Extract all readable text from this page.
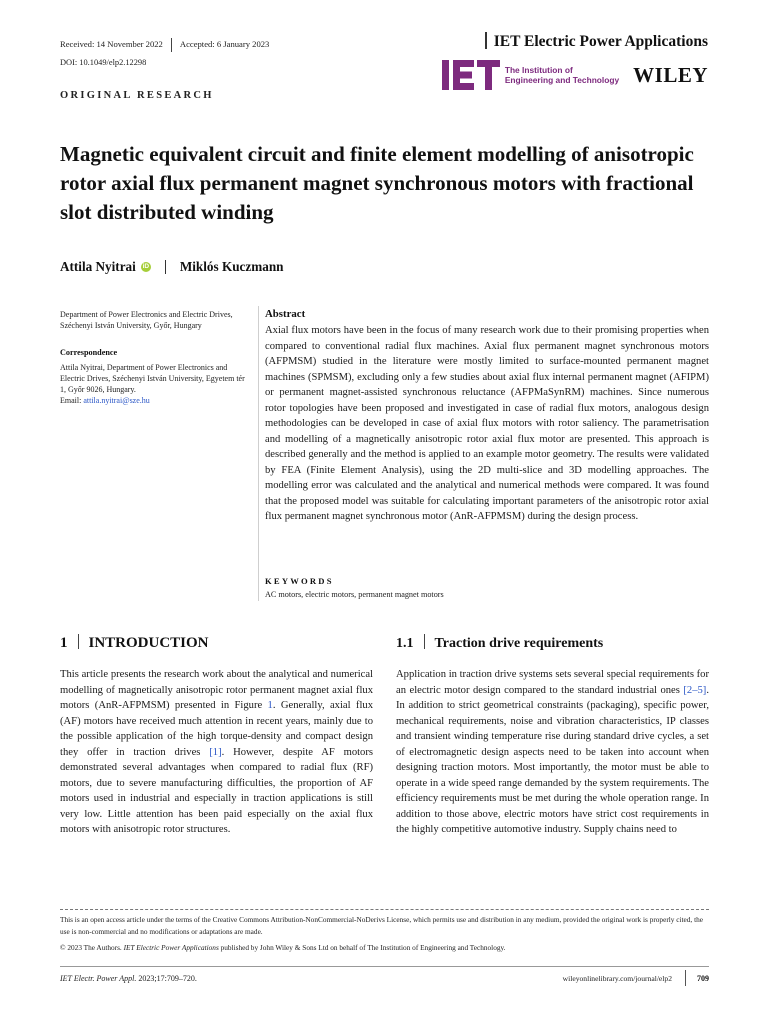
Received: 14 November 2022 Accepted: 6 January 2023
DOI: 10.1049/elp2.12298
IET Electric Power Applications
The Institution of
Engineering and Technology WILEY
ORIGINAL RESEARCH
Magnetic equivalent circuit and finite element modelling of anisotropic rotor axial flux permanent magnet synchronous motors with fractional slot distributed winding
Attila Nyitrai iD Miklós Kuczmann
Department of Power Electronics and Electric Drives, Széchenyi István University, Győr, Hungary
Correspondence
Attila Nyitrai, Department of Power Electronics and Electric Drives, Széchenyi István University, Egyetem tér 1, Győr 9026, Hungary.
Email: attila.nyitrai@sze.hu
Abstract
Axial flux motors have been in the focus of many research work due to their promising properties when compared to conventional radial flux machines. Axial flux permanent magnet synchronous motors (AFPMSM) studied in the literature were mostly limited to surface-mounted permanent magnet machines (SPMSM), excluding only a few studies about axial flux internal permanent magnet (AFIPM) or permanent magnet-assisted synchronous reluctance (AFPMaSynRM) machines. Since numerous rotor topologies have been proposed and investigated in case of radial flux motors, analogous design methodologies can be developed in case of axial flux motors with rotor saliency. The parametrisation and modelling of a magnetically anisotropic rotor axial flux motor are presented. This approach is described generally and the method is applied to an example motor geometry. The results were validated by FEA (Finite Element Analysis), using the 2D multi-slice and 3D modelling approaches. The modelling error was calculated and the analytical and numerical methods were compared. It was found that the proposed model was suitable for calculating important parameters of the anisotropic rotor axial flux permanent magnet synchronous motor (AnR-AFPMSM) during the design process.
KEYWORDS
AC motors, electric motors, permanent magnet motors
1 INTRODUCTION	1.1 Traction drive requirements
This article presents the research work about the analytical and numerical modelling of magnetically anisotropic rotor permanent magnet axial flux motors (AnR-AFPMSM) presented in Figure 1. Generally, axial flux (AF) motors have received much attention in recent years, mainly due to the possible application of the high torque-density and compact design they offer in traction drives [1]. However, despite AF motors demonstrated several advantages when compared to radial flux (RF) motors, due to severe manufacturing difficulties, the proportion of AF motors used in industrial and especially in traction applications is still very low. Little attention has been paid especially on the axial flux motors with anisotropic rotor structures.
Application in traction drive systems sets several special requirements for an electric motor design compared to the standard industrial ones [2–5]. In addition to strict geometrical constraints (packaging), specific power, mechanical requirements, noise and vibration characteristics, IP classes and transient winding temperature rise during standard drive cycles, a set of electromagnetic design aspects need to be taken into account when designing traction motors. Most importantly, the motor must be able to operate in a wide speed range demanded by the system requirements. The efficiency requirements must be met during the whole operation range. In addition to those above, electric motors have strict cost requirements in the highly competitive automotive industry. Supply chains need to
This is an open access article under the terms of the Creative Commons Attribution-NonCommercial-NoDerivs License, which permits use and distribution in any medium, provided the original work is properly cited, the use is non-commercial and no modifications or adaptations are made.
© 2023 The Authors. IET Electric Power Applications published by John Wiley & Sons Ltd on behalf of The Institution of Engineering and Technology.
IET Electr. Power Appl. 2023;17:709–720.	wileyonlinelibrary.com/journal/elp2	709
